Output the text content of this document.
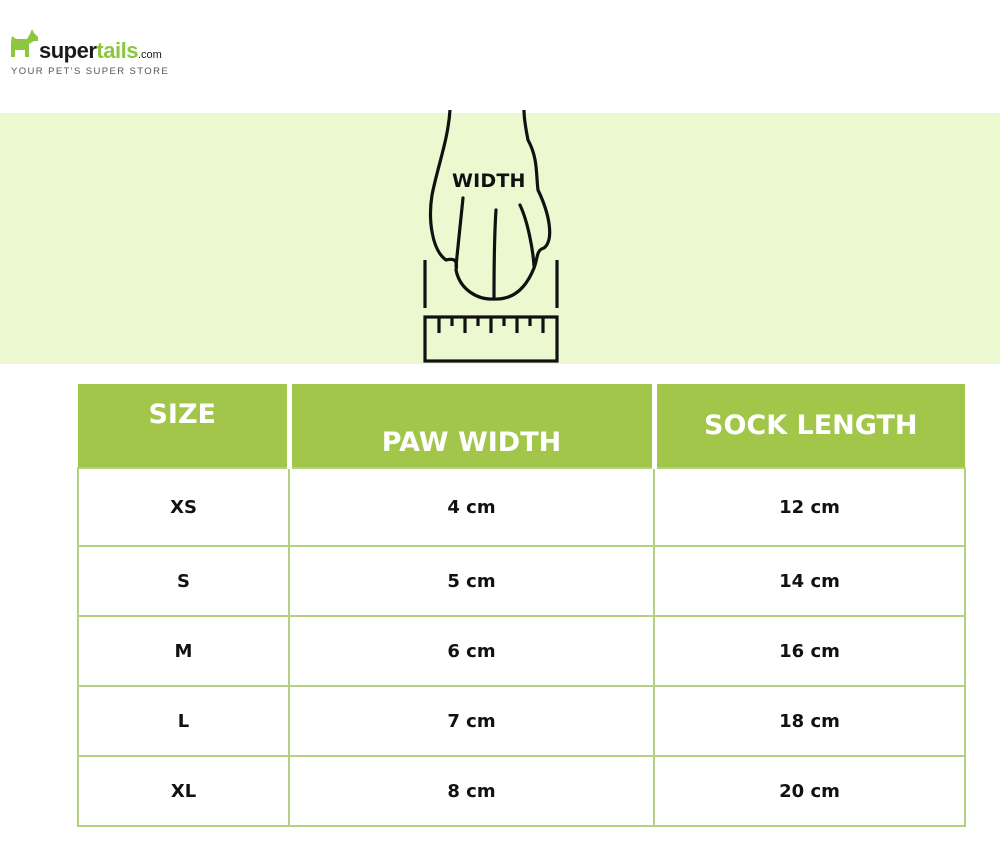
supertails.com
YOUR PET'S SUPER STORE
WIDTH
SIZE	PAW WIDTH	SOCK LENGTH
XS	4 cm	12 cm
S	5 cm	14 cm
M	6 cm	16 cm
L	7 cm	18 cm
XL	8 cm	20 cm
